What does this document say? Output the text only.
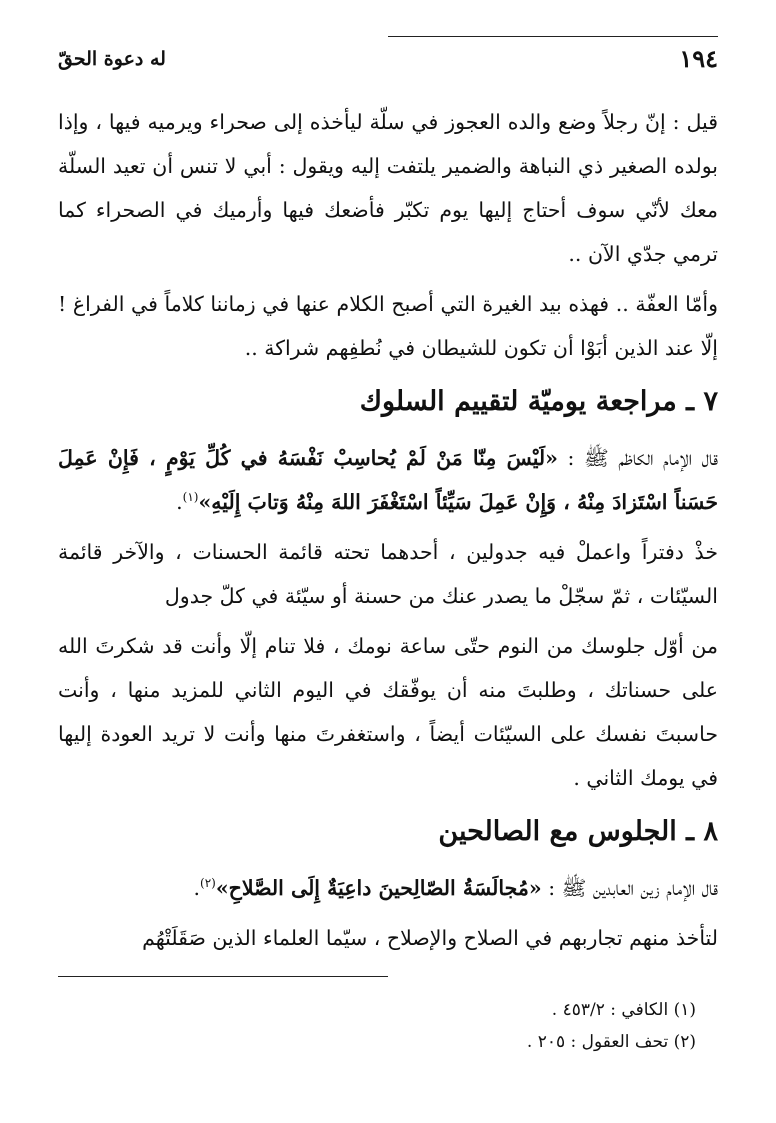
١٩٤
له دعوة الحقّ

قيل : إنّ رجلاً وضع والده العجوز في سلّة ليأخذه إلى صحراء ويرميه فيها ، وإذا بولده الصغير ذي النباهة والضمير يلتفت إليه ويقول : أبي لا تنس أن تعيد السلّة معك لأنّي سوف أحتاج إليها يوم تكبّر فأضعك فيها وأرميك في الصحراء كما ترمي جدّي الآن ..

وأمّا العفّة .. فهذه بيد الغيرة التي أصبح الكلام عنها في زماننا كلاماً في الفراغ ! إلّا عند الذين أبَوْا أن تكون للشيطان في نُطفِهم شراكة ..

٧ ـ مراجعة يوميّة لتقييم السلوك

قال الإمام الكاظم ﷺ : «لَيْسَ مِنّا مَنْ لَمْ يُحاسِبْ نَفْسَهُ في كُلِّ يَوْمٍ ، فَإِنْ عَمِلَ حَسَناً اسْتَزادَ مِنْهُ ، وَإِنْ عَمِلَ سَيِّئاً اسْتَغْفَرَ اللهَ مِنْهُ وَتابَ إِلَيْهِ»$^{(١)}$.

خذْ دفتراً واعملْ فيه جدولين ، أحدهما تحته قائمة الحسنات ، والآخر قائمة السيّئات ، ثمّ سجّلْ ما يصدر عنك من حسنة أو سيّئة في كلّ جدول

من أوّل جلوسك من النوم حتّى ساعة نومك ، فلا تنام إلّا وأنت قد شكرتَ الله على حسناتك ، وطلبتَ منه أن يوفّقك في اليوم الثاني للمزيد منها ، وأنت حاسبتَ نفسك على السيّئات أيضاً ، واستغفرتَ منها وأنت لا تريد العودة إليها في يومك الثاني .

٨ ـ الجلوس مع الصالحين

قال الإمام زين العابدين ﷺ : «مُجالَسَةُ الصّالِحينَ داعِيَةٌ إِلَى الصَّلاحِ»$^{(٢)}$.

لتأخذ منهم تجاربهم في الصلاح والإصلاح ، سيّما العلماء الذين صَقَلَتْهُم

(١) الكافي : ٤٥٣/٢ .
(٢) تحف العقول : ٢٠٥ .
